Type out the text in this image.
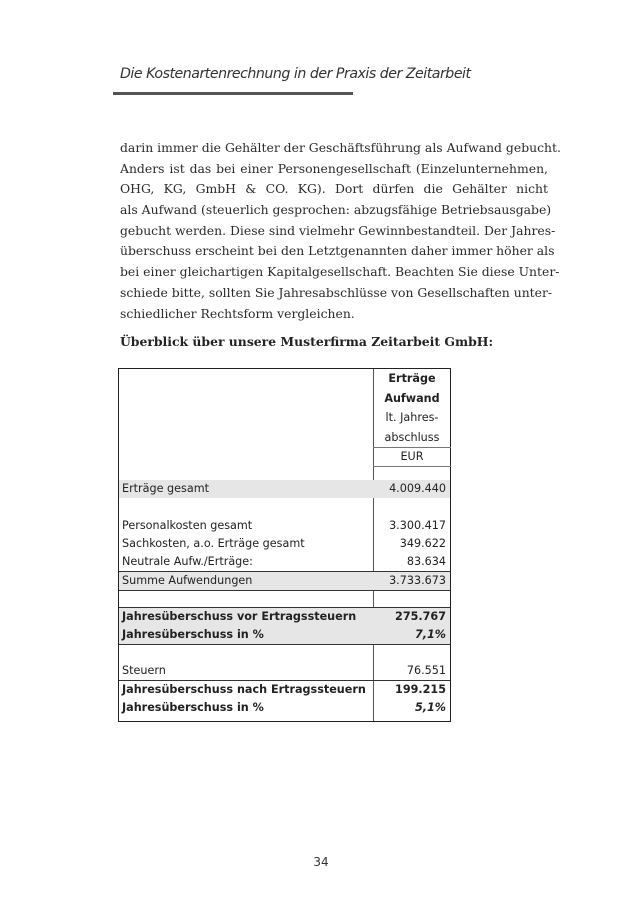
Die Kostenartenrechnung in der Praxis der Zeitarbeit
darin immer die Gehälter der Geschäftsführung als Aufwand gebucht.
Anders ist das bei einer Personengesellschaft (Einzelunternehmen,
OHG, KG, GmbH & CO. KG). Dort dürfen die Gehälter nicht
als Aufwand (steuerlich gesprochen: abzugsfähige Betriebsausgabe)
gebucht werden. Diese sind vielmehr Gewinnbestandteil. Der Jahres-
überschuss erscheint bei den Letztgenannten daher immer höher als
bei einer gleichartigen Kapitalgesellschaft. Beachten Sie diese Unter-
schiede bitte, sollten Sie Jahresabschlüsse von Gesellschaften unter-
schiedlicher Rechtsform vergleichen.
Überblick über unsere Musterfirma Zeitarbeit GmbH:
Erträge
Aufwand
lt. Jahres-
abschluss
EUR
Erträge gesamt	4.009.440
Personalkosten gesamt	3.300.417
Sachkosten, a.o. Erträge gesamt	349.622
Neutrale Aufw./Erträge:	83.634
Summe Aufwendungen	3.733.673
Jahresüberschuss vor Ertragssteuern	275.767
Jahresüberschuss in %	7,1%
Steuern	76.551
Jahresüberschuss nach Ertragssteuern	199.215
Jahresüberschuss in %	5,1%
34
